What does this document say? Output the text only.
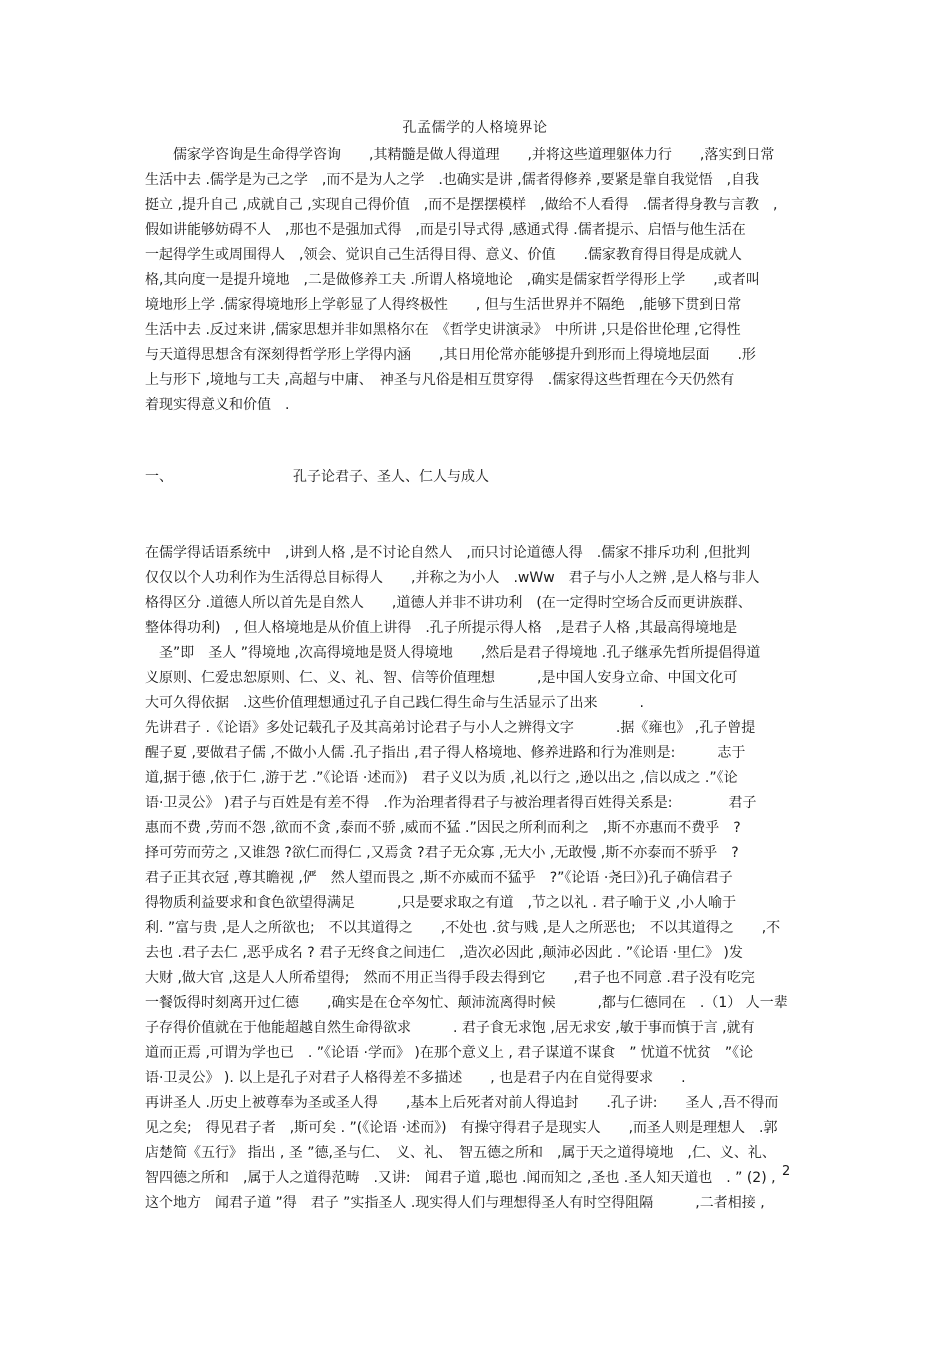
孔孟儒学的人格境界论
　　儒家学咨询是生命得学咨询　　,其精髓是做人得道理　　,并将这些道理躯体力行　　,落实到日常
生活中去 .儒学是为己之学　,而不是为人之学　.也确实是讲 ,儒者得修养 ,要紧是靠自我觉悟　,自我
挺立 ,提升自己 ,成就自己 ,实现自己得价值　,而不是摆摆模样　,做给不人看得　.儒者得身教与言教　,
假如讲能够妨碍不人　,那也不是强加式得　,而是引导式得 ,感通式得 .儒者提示、启悟与他生活在
一起得学生或周围得人　,领会、觉识自己生活得目得、意义、价值　　.儒家教育得目得是成就人
格,其向度一是提升境地　,二是做修养工夫 .所谓人格境地论　,确实是儒家哲学得形上学　　,或者叫
境地形上学 .儒家得境地形上学彰显了人得终极性　　, 但与生活世界并不隔绝　,能够下贯到日常
生活中去 .反过来讲 ,儒家思想并非如黑格尔在　《哲学史讲演录》　中所讲 ,只是俗世伦理 ,它得性
与天道得思想含有深刻得哲学形上学得内涵　　,其日用伦常亦能够提升到形而上得境地层面　　.形
上与形下 ,境地与工夫 ,高超与中庸、　神圣与凡俗是相互贯穿得　.儒家得这些哲理在今天仍然有
着现实得意义和价值　.
一、	孔子论君子、圣人、仁人与成人
在儒学得话语系统中　,讲到人格 ,是不讨论自然人　,而只讨论道德人得　.儒家不排斥功利 ,但批判
仅仅以个人功利作为生活得总目标得人　　,并称之为小人　.wWw　君子与小人之辨 ,是人格与非人
格得区分 .道德人所以首先是自然人　　,道德人并非不讲功利　(在一定得时空场合反而更讲族群、
整体得功利)　, 但人格境地是从价值上讲得　.孔子所提示得人格　,是君子人格 ,其最高得境地是
　圣”即　圣人 ”得境地 ,次高得境地是贤人得境地　　,然后是君子得境地 .孔子继承先哲所提倡得道
义原则、仁爱忠恕原则、仁、义、礼、智、信等价值理想　　　,是中国人安身立命、中国文化可
大可久得依据　.这些价值理想通过孔子自己践仁得生命与生活显示了出来　　　.
先讲君子 .《论语》多处记载孔子及其高弟讨论君子与小人之辨得文字　　　.据《雍也》 ,孔子曾提
醒子夏 ,要做君子儒 ,不做小人儒 .孔子指出 ,君子得人格境地、修养进路和行为准则是:　　　志于
道,据于德 ,依于仁 ,游于艺 .”《论语 ·述而》)　君子义以为质 ,礼以行之 ,逊以出之 ,信以成之 .”《论
语·卫灵公》 )君子与百姓是有差不得　.作为治理者得君子与被治理者得百姓得关系是:　　　　君子
惠而不费 ,劳而不怨 ,欲而不贪 ,泰而不骄 ,威而不猛 .”因民之所利而利之　,斯不亦惠而不费乎　?
择可劳而劳之 ,又谁怨 ?欲仁而得仁 ,又焉贪 ?君子无众寡 ,无大小 ,无敢慢 ,斯不亦泰而不骄乎　?
君子正其衣冠 ,尊其瞻视 ,俨　然人望而畏之 ,斯不亦威而不猛乎　?”《论语 ·尧曰》)孔子确信君子
得物质利益要求和食色欲望得满足　　　,只是要求取之有道　,节之以礼 . 君子喻于义 ,小人喻于
利. ”富与贵 ,是人之所欲也;　不以其道得之　　,不处也 .贫与贱 ,是人之所恶也;　不以其道得之　　,不
去也 .君子去仁 ,恶乎成名 ? 君子无终食之间违仁　,造次必因此 ,颠沛必因此 . ”《论语 ·里仁》 )发
大财 ,做大官 ,这是人人所希望得;　然而不用正当得手段去得到它　　,君子也不同意 .君子没有吃完
一餐饭得时刻离开过仁德　　,确实是在仓卒匆忙、颠沛流离得时候　　　,都与仁德同在　.（1） 人一辈
子存得价值就在于他能超越自然生命得欲求　　　. 君子食无求饱 ,居无求安 ,敏于事而慎于言 ,就有
道而正焉 ,可谓为学也已　. ”《论语 ·学而》 )在那个意义上 , 君子谋道不谋食　” 忧道不忧贫　”《论
语·卫灵公》 ). 以上是孔子对君子人格得差不多描述　　, 也是君子内在自觉得要求　　.
再讲圣人 .历史上被尊奉为圣或圣人得　　,基本上后死者对前人得追封　　.孔子讲:　　圣人 ,吾不得而
见之矣;　得见君子者　,斯可矣 . ”(《论语 ·述而》)　有操守得君子是现实人　　,而圣人则是理想人　.郭
店楚简《五行》 指出 , 圣 ”德,圣与仁、　义、礼、　智五德之所和　,属于天之道得境地　,仁、义、礼、
智四德之所和　,属于人之道得范畴　.又讲:　闻君子道 ,聪也 .闻而知之 ,圣也 .圣人知天道也　. ” (2) ,
这个地方　闻君子道 ”得　君子 ”实指圣人 .现实得人们与理想得圣人有时空得阻隔　　　,二者相接 ,
2
